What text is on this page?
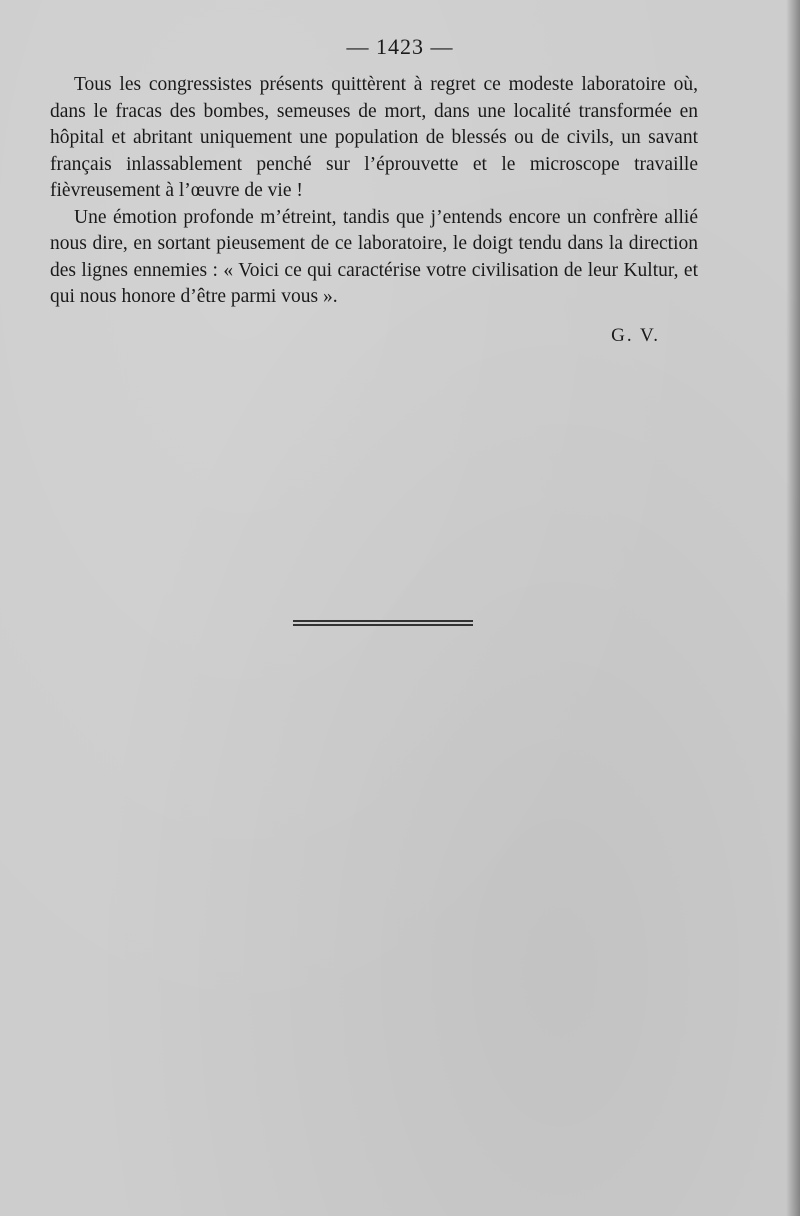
— 1423 —

Tous les congressistes présents quittèrent à regret ce modeste laboratoire où, dans le fracas des bombes, semeuses de mort, dans une localité transformée en hôpital et abritant uniquement une population de blessés ou de civils, un savant français inlassablement penché sur l’éprouvette et le microscope travaille fièvreusement à l’œuvre de vie !

Une émotion profonde m’étreint, tandis que j’entends encore un confrère allié nous dire, en sortant pieusement de ce laboratoire, le doigt tendu dans la direction des lignes ennemies : « Voici ce qui caractérise votre civilisation de leur Kultur, et qui nous honore d’être parmi vous ».

G. V.
